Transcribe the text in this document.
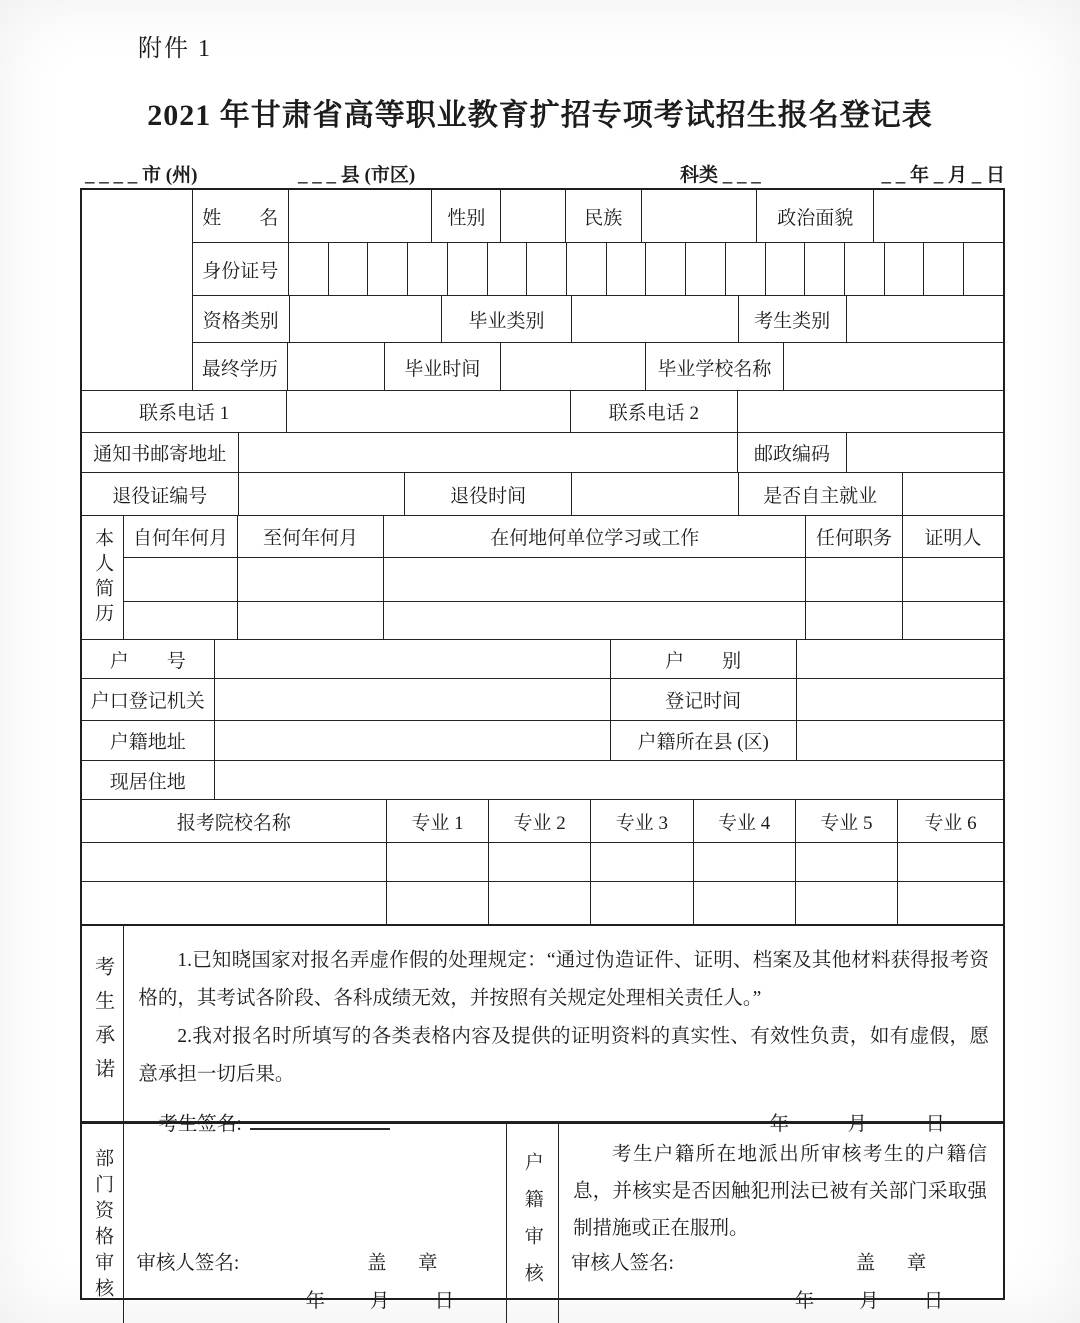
附件 1
2021 年甘肃省高等职业教育扩招专项考试招生报名登记表
_ _ _ _ 市 (州)	_ _ _ 县 (市区)	科类 _ _ _	_ _ 年 _ 月 _ 日
姓　　名	性别	民族	政治面貌
身份证号
资格类别	毕业类别	考生类别
最终学历	毕业时间	毕业学校名称
联系电话 1	联系电话 2
通知书邮寄地址	邮政编码
退役证编号	退役时间	是否自主就业
本人简历	自何年何月	至何年何月	在何地何单位学习或工作	任何职务	证明人
户　　号	户　　别
户口登记机关	登记时间
户籍地址	户籍所在县 (区)
现居住地
报考院校名称	专业 1	专业 2	专业 3	专业 4	专业 5	专业 6
考生承诺	1.已知晓国家对报名弄虚作假的处理规定：“通过伪造证件、证明、档案及其他材料获得报考资格的，其考试各阶段、各科成绩无效，并按照有关规定处理相关责任人。”

2.我对报名时所填写的各类表格内容及提供的证明资料的真实性、有效性负责，如有虚假，愿意承担一切后果。

考生签名:	年　　　月　　　日
部门资格审核 审核人签名:	盖　章
年　　月　　日
户籍审核	考生户籍所在地派出所审核考生的户籍信息，并核实是否因触犯刑法已被有关部门采取强制措施或正在服刑。

审核人签名:	盖　章
年　　月　　日
